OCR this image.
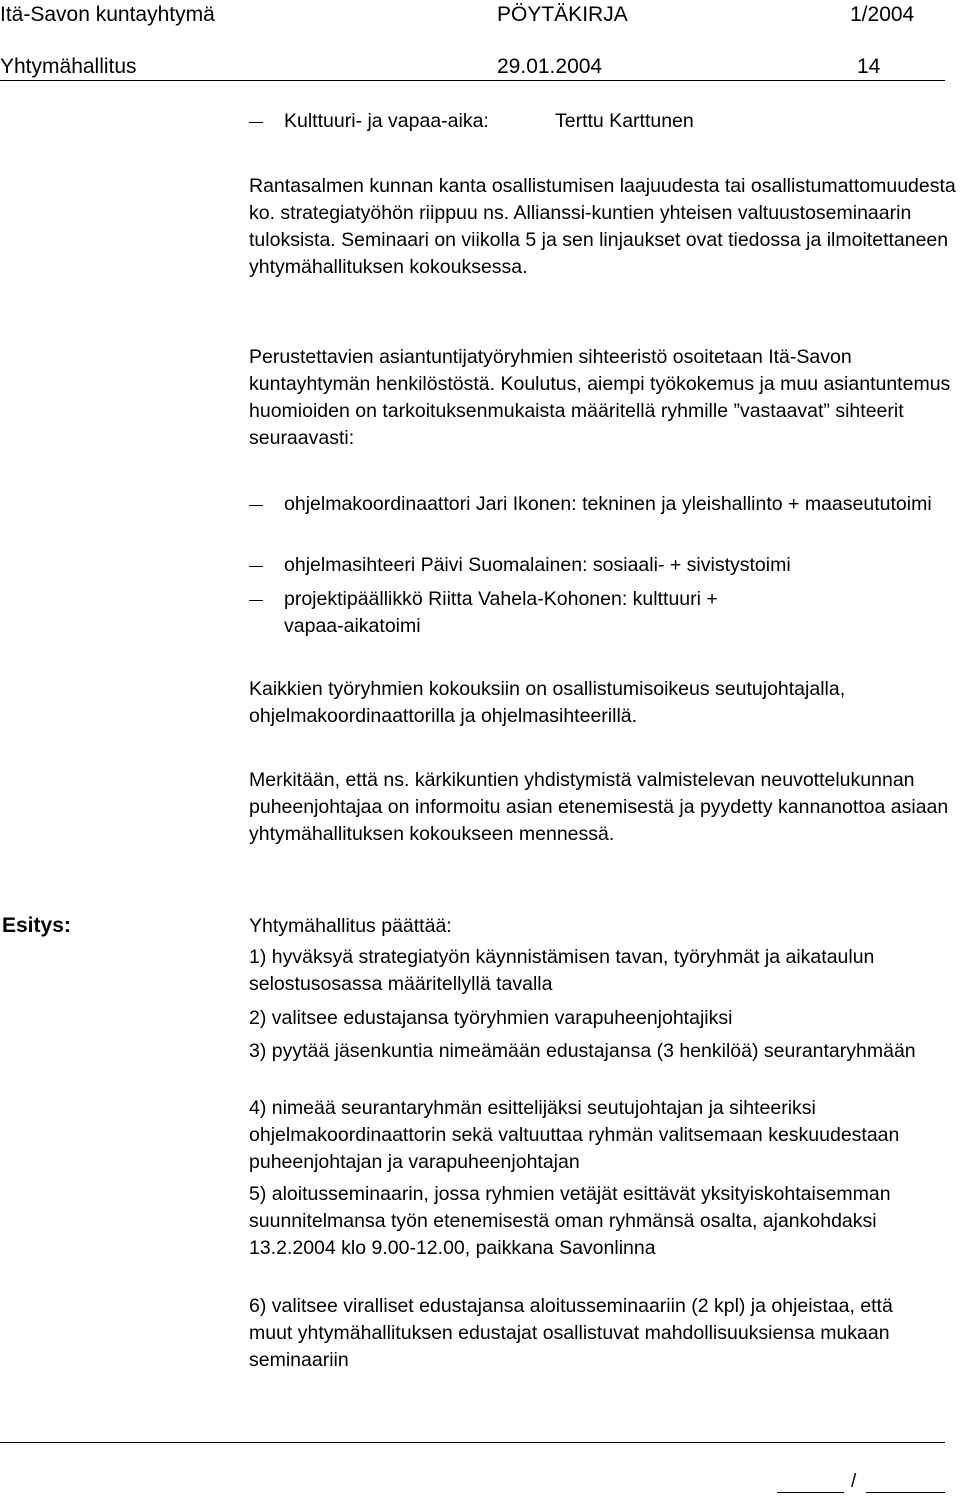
Itä-Savon kuntayhtymä	PÖYTÄKIRJA	1/2004
Yhtymähallitus	29.01.2004	14
Kulttuuri- ja vapaa-aika:	Terttu Karttunen
Rantasalmen kunnan kanta osallistumisen laajuudesta tai osallistumattomuudesta ko. strategiatyöhön riippuu ns. Allianssi-kuntien yhteisen valtuustoseminaarin tuloksista. Seminaari on viikolla 5 ja sen linjaukset ovat tiedossa ja ilmoitettaneen yhtymähallituksen kokouksessa.
Perustettavien asiantuntijatyöryhmien sihteeristö osoitetaan Itä-Savon kuntayhtymän henkilöstöstä. Koulutus, aiempi työkokemus ja muu asiantuntemus huomioiden on tarkoituksenmukaista määritellä ryhmille ”vastaavat” sihteerit seuraavasti:
ohjelmakoordinaattori Jari Ikonen: tekninen ja yleishallinto + maaseututoimi
ohjelmasihteeri Päivi Suomalainen: sosiaali- + sivistystoimi
projektipäällikkö Riitta Vahela-Kohonen: kulttuuri + vapaa-aikatoimi
Kaikkien työryhmien kokouksiin on osallistumisoikeus seutujohtajalla, ohjelmakoordinaattorilla ja ohjelmasihteerillä.
Merkitään, että ns. kärkikuntien yhdistymistä valmistelevan neuvottelukunnan puheenjohtajaa on informoitu asian etenemisestä ja pyydetty kannanottoa asiaan yhtymähallituksen kokoukseen mennessä.
Esitys:	Yhtymähallitus päättää:
1) hyväksyä strategiatyön käynnistämisen tavan, työryhmät ja aikataulun selostusosassa määritellyllä tavalla
2) valitsee edustajansa työryhmien varapuheenjohtajiksi
3) pyytää jäsenkuntia nimeämään edustajansa (3 henkilöä) seurantaryhmään
4) nimeää seurantaryhmän esittelijäksi seutujohtajan ja sihteeriksi ohjelmakoordinaattorin sekä valtuuttaa ryhmän valitsemaan keskuudestaan puheenjohtajan ja varapuheenjohtajan
5) aloitusseminaarin, jossa ryhmien vetäjät esittävät yksityiskohtaisemman suunnitelmansa työn etenemisestä oman ryhmänsä osalta, ajankohdaksi 13.2.2004 klo 9.00-12.00, paikkana Savonlinna
6) valitsee viralliset edustajansa aloitusseminaariin (2 kpl) ja ohjeistaa, että muut yhtymähallituksen edustajat osallistuvat mahdollisuuksiensa mukaan seminaariin
/
